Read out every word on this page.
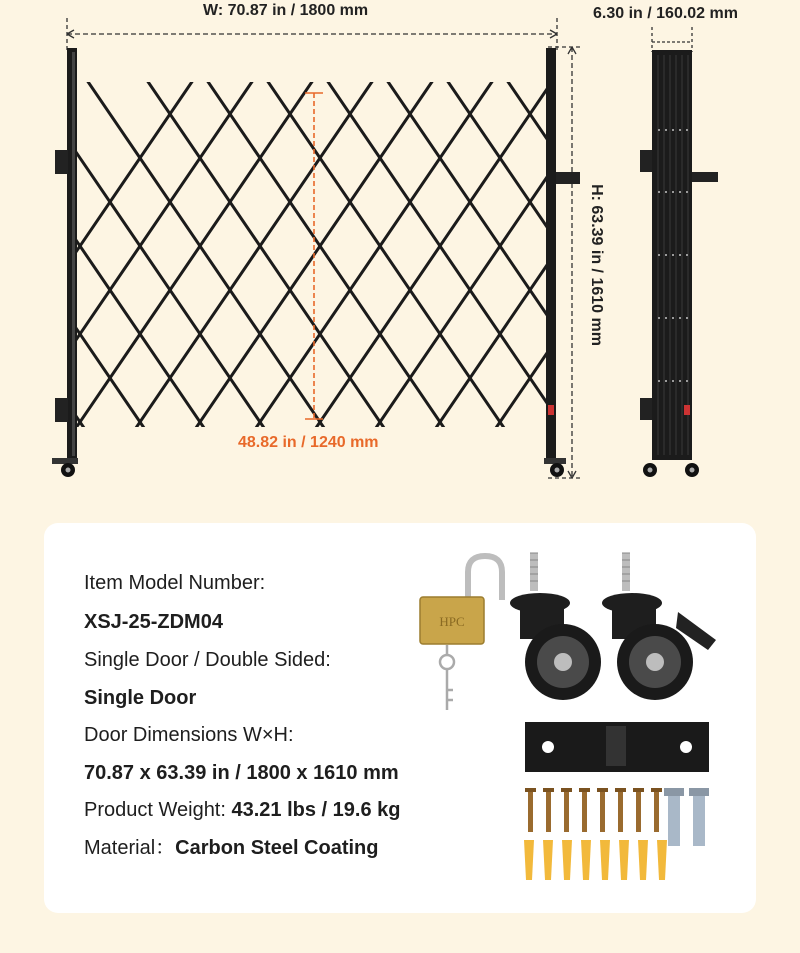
W: 70.87 in / 1800 mm	6.30 in / 160.02 mm
H: 63.39 in / 1610 mm
48.82 in / 1240 mm
Item Model Number:
XSJ-25-ZDM04
Single Door / Double Sided:
Single Door
Door Dimensions W×H:
70.87 x 63.39 in / 1800 x 1610 mm
Product Weight: 43.21 lbs / 19.6 kg
Material：Carbon Steel Coating
HPC
